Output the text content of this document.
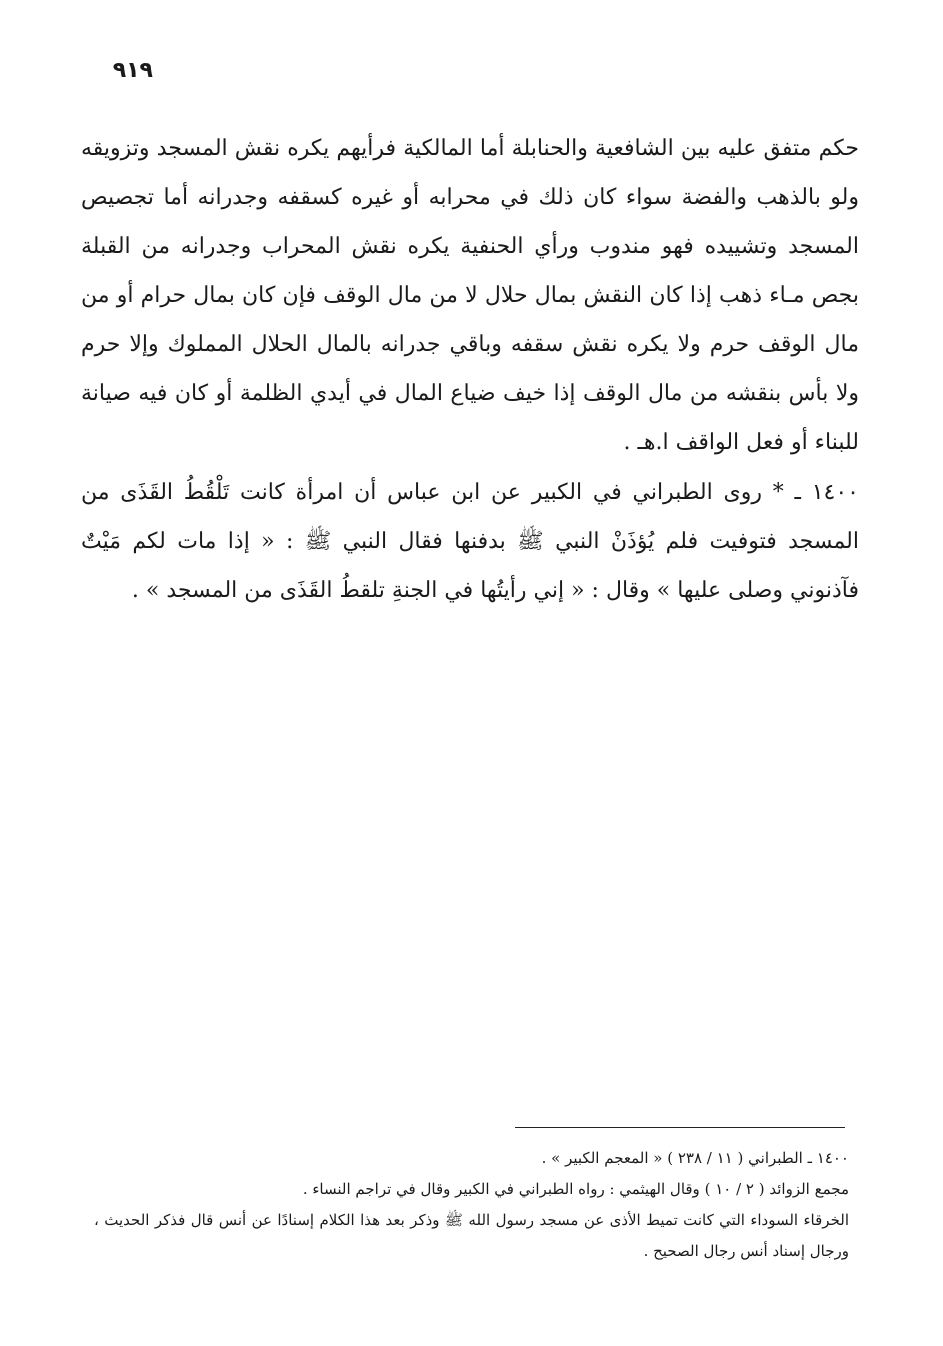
٩١٩

حكم متفق عليه بين الشافعية والحنابلة أما المالكية فرأيهم يكره نقش المسجد وتزويقه ولو بالذهب والفضة سواء كان ذلك في محرابه أو غيره كسقفه وجدرانه أما تجصيص المسجد وتشييده فهو مندوب ورأي الحنفية يكره نقش المحراب وجدرانه من القبلة بجص مـاء ذهب إذا كان النقش بمال حلال لا من مال الوقف فإن كان بمال حرام أو من مال الوقف حرم ولا يكره نقش سقفه وباقي جدرانه بالمال الحلال المملوك وإلا حرم ولا بأس بنقشه من مال الوقف إذا خيف ضياع المال في أيدي الظلمة أو كان فيه صيانة للبناء أو فعل الواقف ا.هـ .

١٤٠٠ ـ * روى الطبراني في الكبير عن ابن عباس أن امرأة كانت تَلْقُطُ القَذَى من المسجد فتوفيت فلم يُؤذَنْ النبي ﷺ بدفنها فقال النبي ﷺ : « إذا مات لكم مَيْتٌ فآذنوني وصلى عليها » وقال : « إني رأيتُها في الجنةِ تلقطُ القَذَى من المسجد » .

١٤٠٠ ـ الطبراني ( ١١ / ٢٣٨ ) « المعجم الكبير » .

مجمع الزوائد ( ٢ / ١٠ ) وقال الهيثمي : رواه الطبراني في الكبير وقال في تراجم النساء .

الخرقاء السوداء التي كانت تميط الأذى عن مسجد رسول الله ﷺ وذكر بعد هذا الكلام إسنادًا عن أنس قال فذكر الحديث ، ورجال إسناد أنس رجال الصحيح .
